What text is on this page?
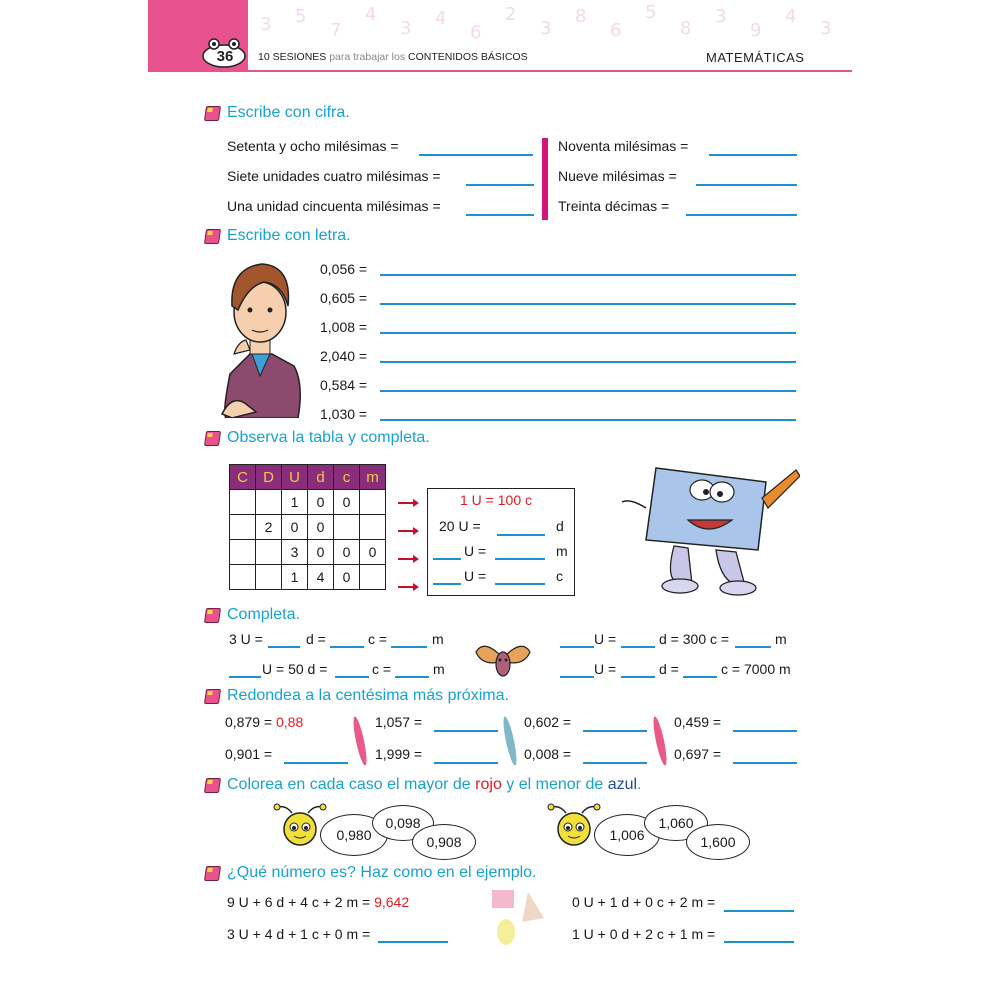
3 5
7
4
3 4
6
2
3
8
6
5
8
3
9
4
3
36	10 SESIONES para trabajar los CONTENIDOS BÁSICOS	MATEMÁTICAS
Escribe con cifra.
Setenta y ocho milésimas =
Siete unidades cuatro milésimas =
Una unidad cincuenta milésimas =
Noventa milésimas =
Nueve milésimas =
Treinta décimas =
Escribe con letra.
0,056 =
0,605 =
1,008 =
2,040 =
0,584 =
1,030 =
Observa la tabla y completa.
C	D	U	d	c	m
		1	0	0	
	2	0	0		
		3	0	0	0
		1	4	0	
1 U = 100 c
20 U =	d
U =	m
U =	c
Completa.
3 U =	d =	c =	m
U = 50 d =	c =	m
U =	d = 300 c =	m
U =	d =	c = 7000 m
Redondea a la centésima más próxima.
0,879 = 0,88	1,057 =	0,602 =	0,459 =
0,901 =	1,999 =	0,008 =	0,697 =
Colorea en cada caso el mayor de rojo y el menor de azul.
0,980
0,098
0,908	1,006
1,060
1,600
¿Qué número es? Haz como en el ejemplo.
9 U + 6 d + 4 c + 2 m = 9,642
3 U + 4 d + 1 c + 0 m =
0 U + 1 d + 0 c + 2 m =
1 U + 0 d + 2 c + 1 m =
